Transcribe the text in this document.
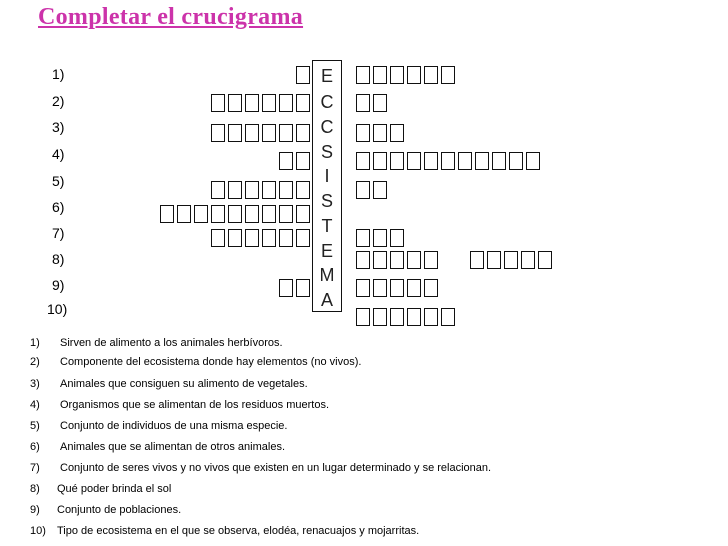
Completar el crucigrama
1)
2)
3)
4)
5)
6)
7)
8)
9)
10)
E
C
C
S
I
S
T
E
M
A
1) Sirven de alimento a los animales herbívoros.
2) Componente del ecosistema donde hay elementos (no vivos).
3) Animales que consiguen su alimento de vegetales.
4) Organismos que se alimentan de los residuos muertos.
5) Conjunto de individuos de una misma especie.
6) Animales que se alimentan de otros animales.
7) Conjunto de seres vivos y no vivos que existen en un lugar determinado y se relacionan.
8) Qué poder brinda el sol
9) Conjunto de poblaciones.
10) Tipo de ecosistema en el que se observa, elodéa, renacuajos y mojarritas.
